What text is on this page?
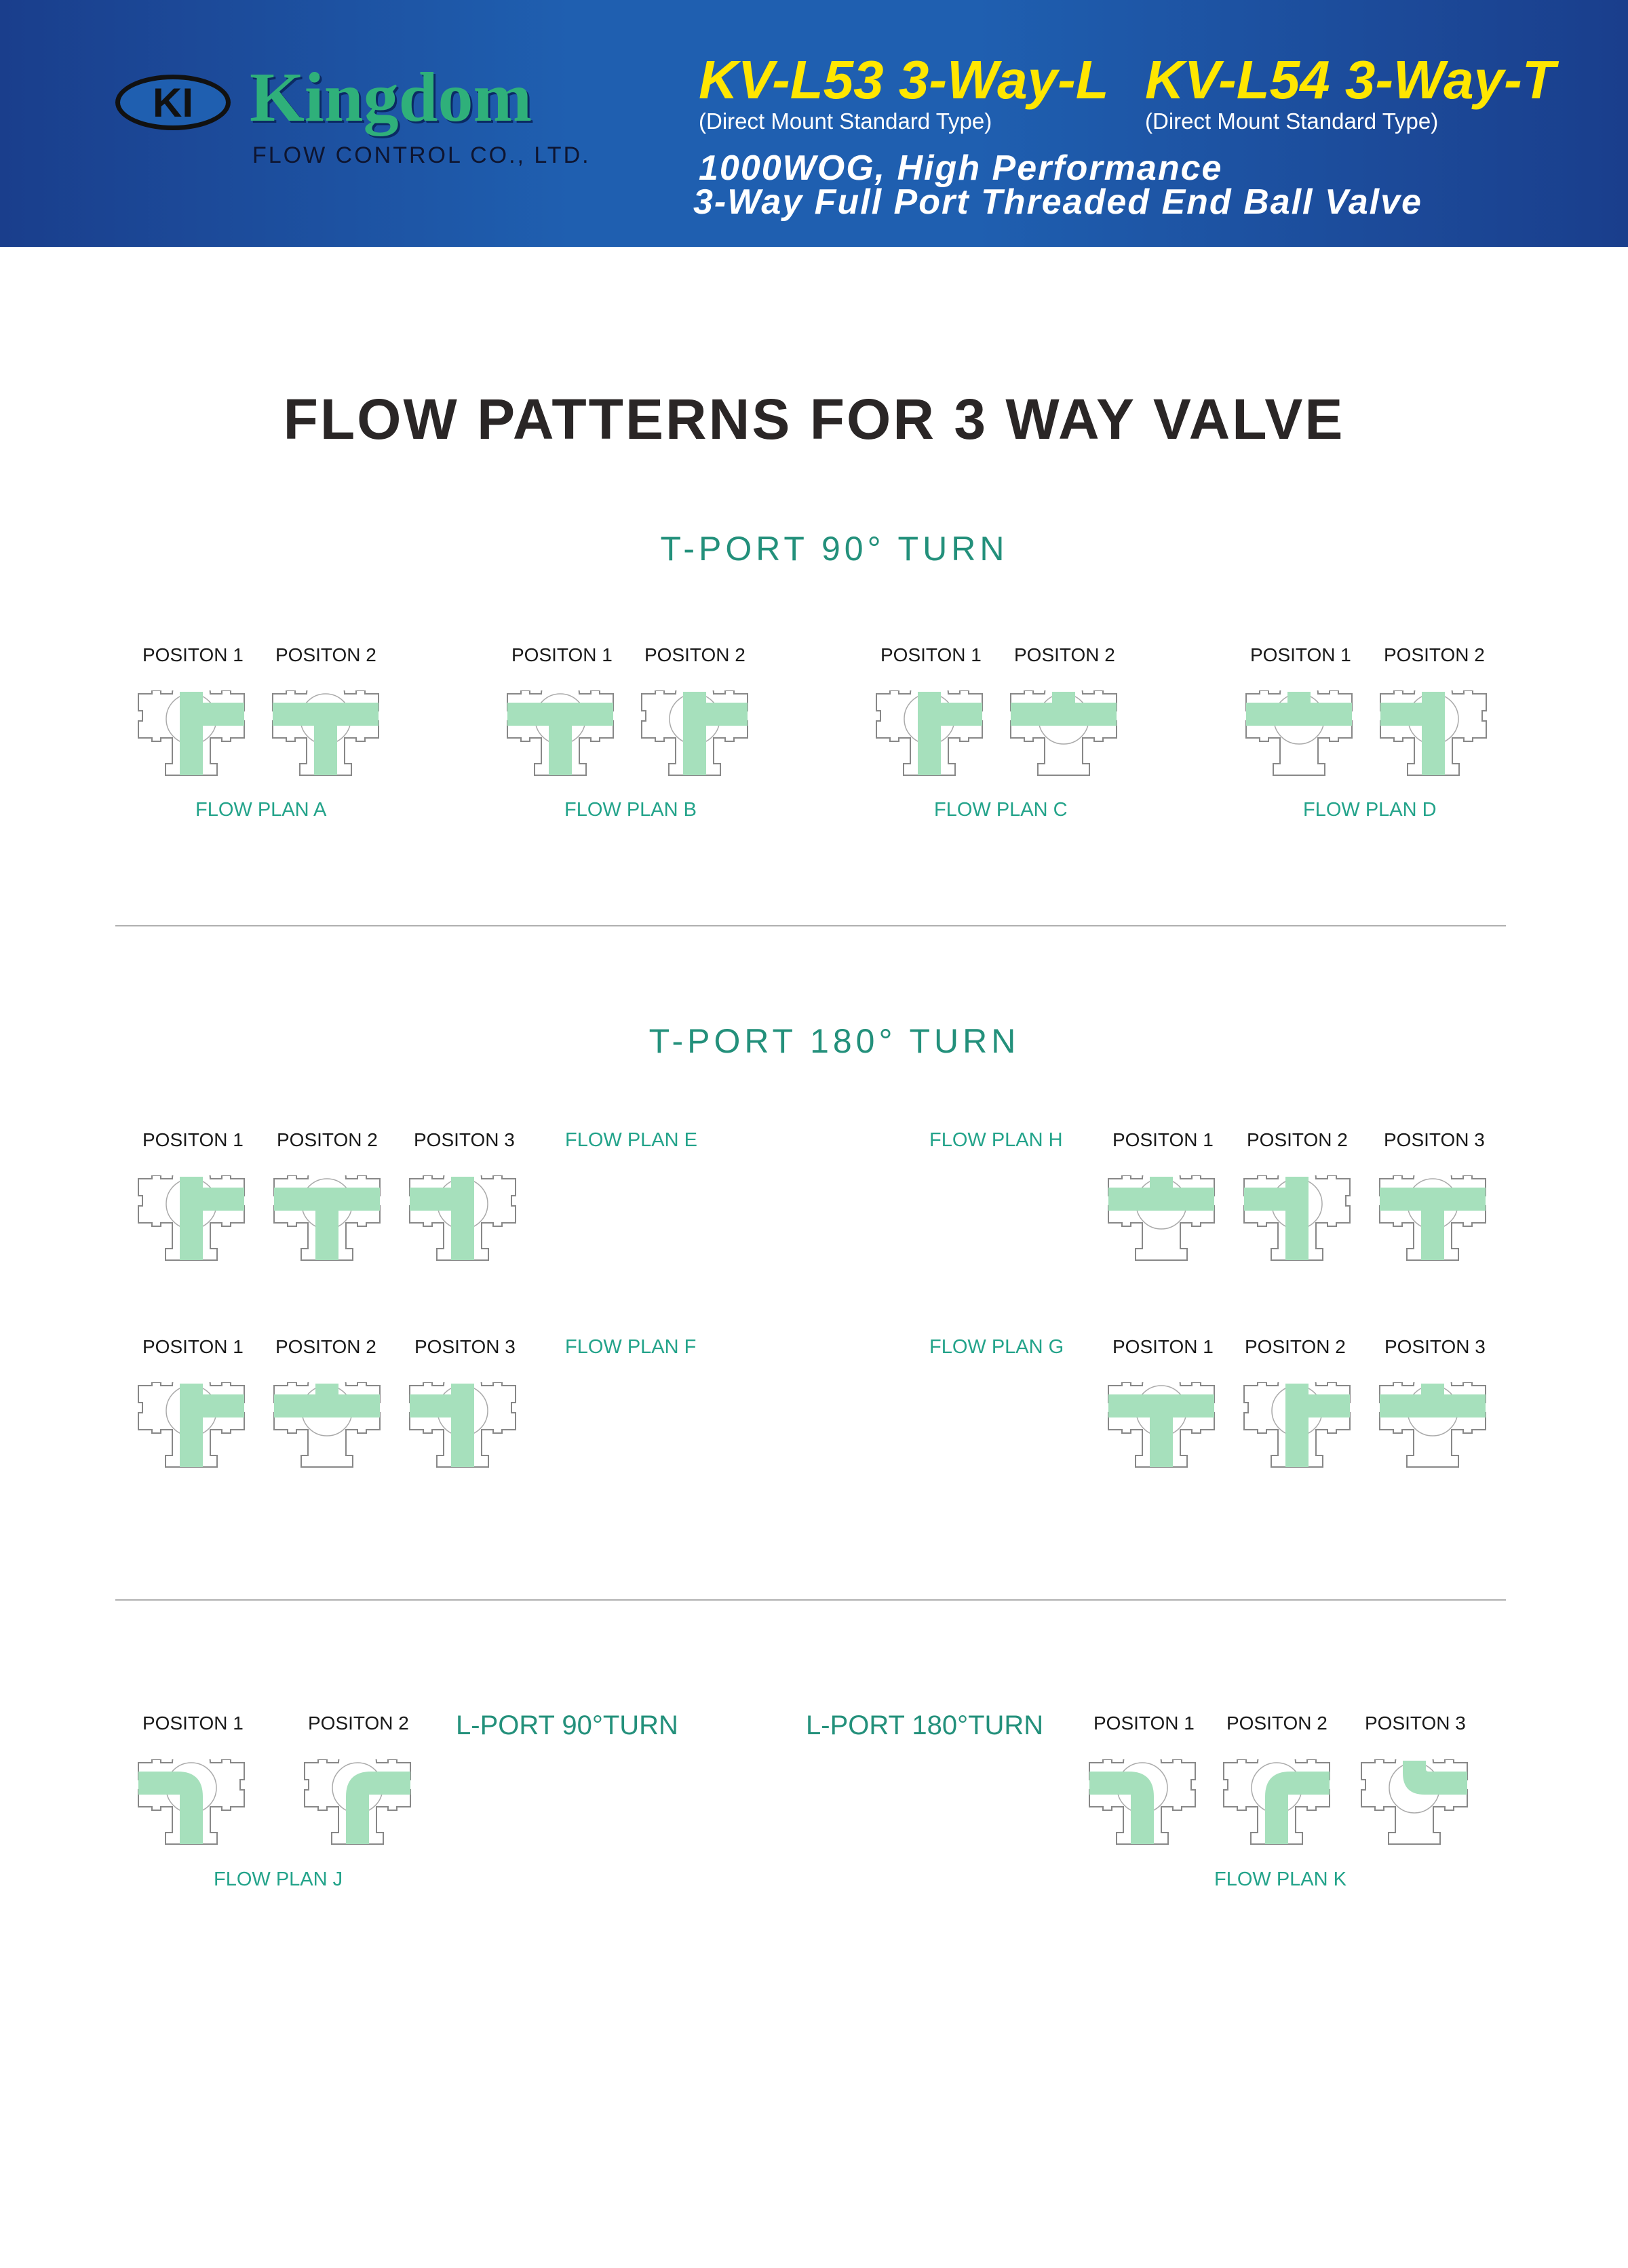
KI Kingdom
FLOW CONTROL CO., LTD.
KV-L53 3-Way-L
(Direct Mount Standard Type)
KV-L54 3-Way-T
(Direct Mount Standard Type)
1000WOG, High Performance
3-Way Full Port Threaded End Ball Valve
FLOW PATTERNS FOR 3 WAY VALVE
T-PORT 90° TURN
POSITON 1 POSITON 2	POSITON 1 POSITON 2	POSITON 1 POSITON 2	POSITON 1 POSITON 2
FLOW PLAN A	FLOW PLAN B	FLOW PLAN C	FLOW PLAN D
T-PORT 180° TURN
POSITON 1 POSITON 2 POSITON 3	FLOW PLAN E	FLOW PLAN H	POSITON 1 POSITON 2 POSITON 3
POSITON 1 POSITON 2 POSITON 3	FLOW PLAN F	FLOW PLAN G	POSITON 1 POSITON 2 POSITON 3
POSITON 1	POSITON 2 L-PORT 90°TURN
FLOW PLAN J
L-PORT 180°TURN	POSITON 1 POSITON 2 POSITON 3
FLOW PLAN K
